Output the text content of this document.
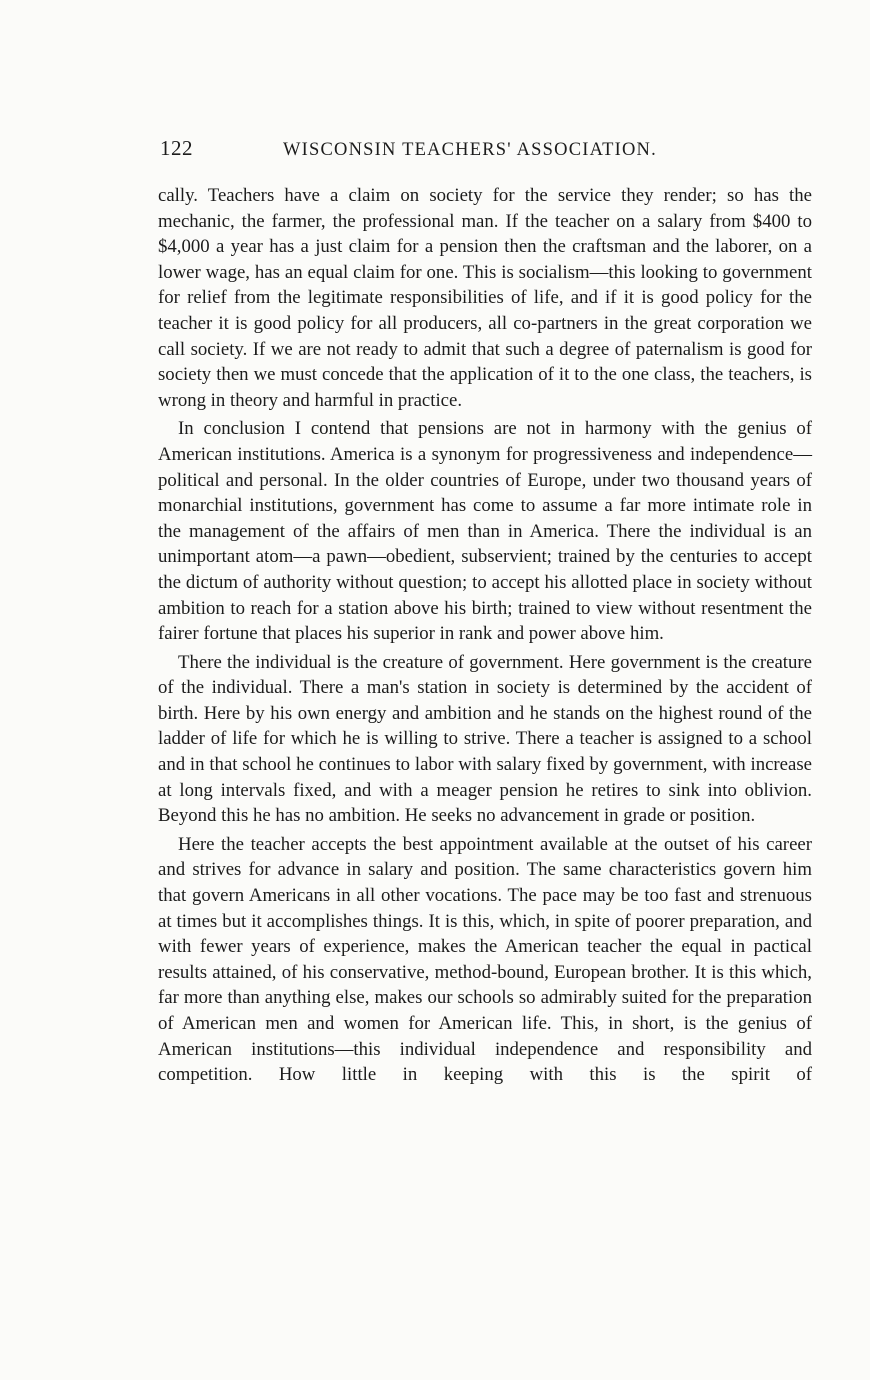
122	WISCONSIN TEACHERS' ASSOCIATION.

cally. Teachers have a claim on society for the service they render; so has the mechanic, the farmer, the professional man. If the teacher on a salary from $400 to $4,000 a year has a just claim for a pension then the craftsman and the laborer, on a lower wage, has an equal claim for one. This is socialism—this looking to government for relief from the legitimate responsibilities of life, and if it is good policy for the teacher it is good policy for all producers, all co-partners in the great corporation we call society. If we are not ready to admit that such a degree of paternalism is good for society then we must concede that the application of it to the one class, the teachers, is wrong in theory and harmful in practice.

In conclusion I contend that pensions are not in harmony with the genius of American institutions. America is a synonym for progressiveness and independence—political and personal. In the older countries of Europe, under two thousand years of monarchial institutions, government has come to assume a far more intimate role in the management of the affairs of men than in America. There the individual is an unimportant atom—a pawn—obedient, subservient; trained by the centuries to accept the dictum of authority without question; to accept his allotted place in society without ambition to reach for a station above his birth; trained to view without resentment the fairer fortune that places his superior in rank and power above him.

There the individual is the creature of government. Here government is the creature of the individual. There a man's station in society is determined by the accident of birth. Here by his own energy and ambition and he stands on the highest round of the ladder of life for which he is willing to strive. There a teacher is assigned to a school and in that school he continues to labor with salary fixed by government, with increase at long intervals fixed, and with a meager pension he retires to sink into oblivion. Beyond this he has no ambition. He seeks no advancement in grade or position.

Here the teacher accepts the best appointment available at the outset of his career and strives for advance in salary and position. The same characteristics govern him that govern Americans in all other vocations. The pace may be too fast and strenuous at times but it accomplishes things. It is this, which, in spite of poorer preparation, and with fewer years of experience, makes the American teacher the equal in pactical results attained, of his conservative, method-bound, European brother. It is this which, far more than anything else, makes our schools so admirably suited for the preparation of American men and women for American life. This, in short, is the genius of American institutions—this individual independence and responsibility and competition. How little in keeping with this is the spirit of
